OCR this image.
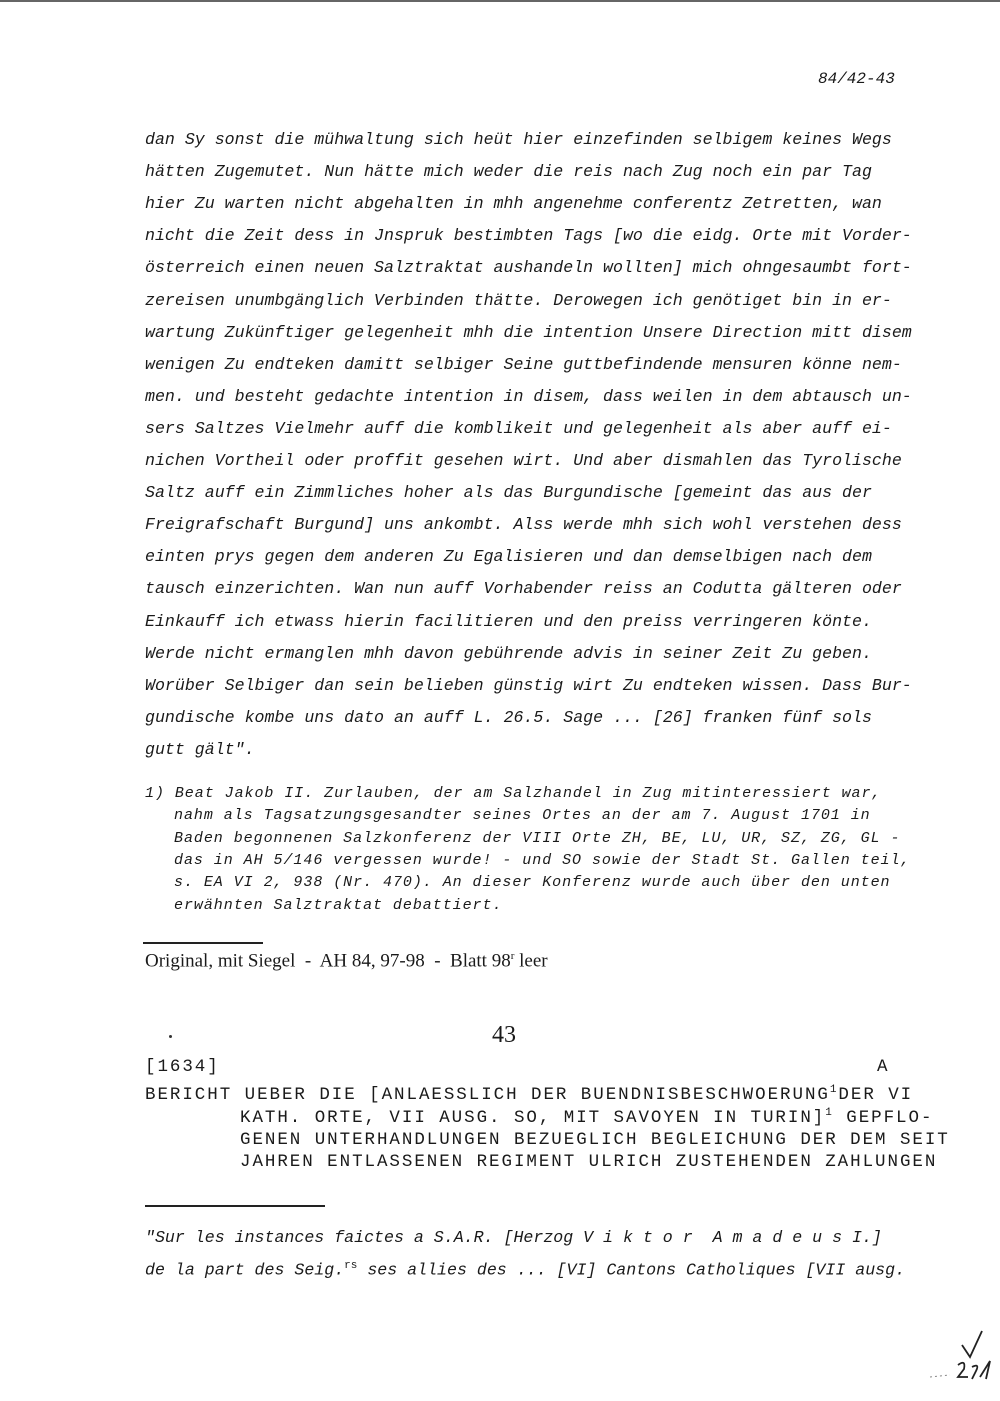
84/42-43
dan Sy sonst die mühwaltung sich heüt hier einzefinden selbigem keines Wegs
hätten Zugemutet. Nun hätte mich weder die reis nach Zug noch ein par Tag
hier Zu warten nicht abgehalten in mhh angenehme conferentz Zetretten, wan
nicht die Zeit dess in Jnspruk bestimbten Tags [wo die eidg. Orte mit Vorder-
österreich einen neuen Salztraktat aushandeln wollten] mich ohngesaumbt fort-
zereisen unumbgänglich Verbinden thätte. Derowegen ich genötiget bin in er-
wartung Zukünftiger gelegenheit mhh die intention Unsere Direction mitt disem
wenigen Zu endteken damitt selbiger Seine guttbefindende mensuren könne nem-
men. und besteht gedachte intention in disem, dass weilen in dem abtausch un-
sers Saltzes Vielmehr auff die komblikeit und gelegenheit als aber auff ei-
nichen Vortheil oder proffit gesehen wirt. Und aber dismahlen das Tyrolische
Saltz auff ein Zimmliches hoher als das Burgundische [gemeint das aus der
Freigrafschaft Burgund] uns ankombt. Alss werde mhh sich wohl verstehen dess
einten prys gegen dem anderen Zu Egalisieren und dan demselbigen nach dem
tausch einzerichten. Wan nun auff Vorhabender reiss an Codutta gälteren oder
Einkauff ich etwass hierin facilitieren und den preiss verringeren könte.
Werde nicht ermanglen mhh davon gebührende advis in seiner Zeit Zu geben.
Worüber Selbiger dan sein belieben günstig wirt Zu endteken wissen. Dass Bur-
gundische kombe uns dato an auff L. 26.5. Sage ... [26] franken fünf sols
gutt gält".
1) Beat Jakob II. Zurlauben, der am Salzhandel in Zug mitinteressiert war,
nahm als Tagsatzungsgesandter seines Ortes an der am 7. August 1701 in
Baden begonnenen Salzkonferenz der VIII Orte ZH, BE, LU, UR, SZ, ZG, GL -
das in AH 5/146 vergessen wurde! - und SO sowie der Stadt St. Gallen teil,
s. EA VI 2, 938 (Nr. 470). An dieser Konferenz wurde auch über den unten
erwähnten Salztraktat debattiert.
Original, mit Siegel  -  AH 84, 97-98  -  Blatt 98$^r$ leer
43
[1634]	A
BERICHT UEBER DIE [ANLAESSLICH DER BUENDNISBESCHWOERUNG$^1$DER VI
KATH. ORTE, VII AUSG. SO, MIT SAVOYEN IN TURIN]$^1$ GEPFLO-
GENEN UNTERHANDLUNGEN BEZUEGLICH BEGLEICHUNG DER DEM SEIT
JAHREN ENTLASSENEN REGIMENT ULRICH ZUSTEHENDEN ZAHLUNGEN
"Sur les instances faictes a S.A.R. [Herzog V i k t o r  A m a d e u s I.]
de la part des Seig.$^{rs}$ ses allies des ... [VI] Cantons Catholiques [VII ausg.
